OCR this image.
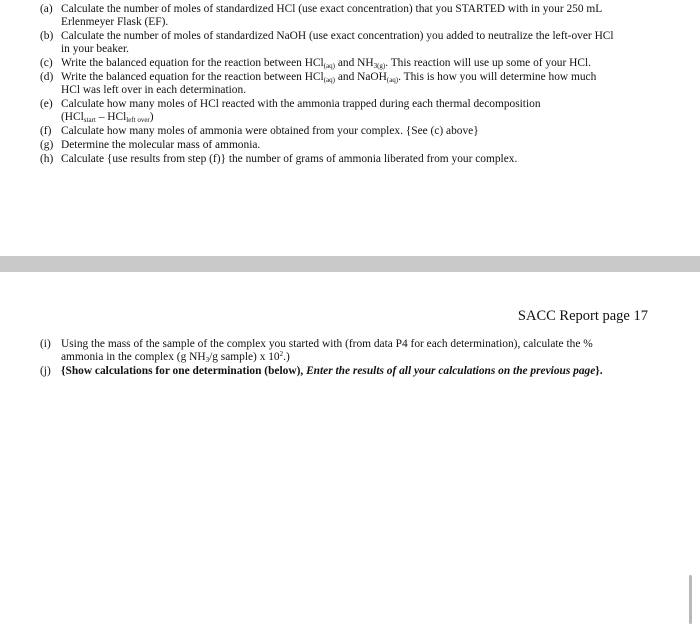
(a) Calculate the number of moles of standardized HCl (use exact concentration) that you STARTED with in your 250 mL
Erlenmeyer Flask (EF).
(b) Calculate the number of moles of standardized NaOH (use exact concentration) you added to neutralize the left-over HCl
in your beaker.
(c) Write the balanced equation for the reaction between HCl$_{(aq)}$ and $NH_{3(g)}$. This reaction will use up some of your HCl.
(d) Write the balanced equation for the reaction between HCl$_{(aq)}$ and NaOH$_{(aq)}$. This is how you will determine how much
HCl was left over in each determination.
(e) Calculate how many moles of HCl reacted with the ammonia trapped during each thermal decomposition
(HCl$_{start}$ – HCl$_{left over}$)
(f) Calculate how many moles of ammonia were obtained from your complex. {See (c) above}
(g) Determine the molecular mass of ammonia.
(h) Calculate {use results from step (f)} the number of grams of ammonia liberated from your complex.
SACC Report page 17
(i) Using the mass of the sample of the complex you started with (from data P4 for each determination), calculate the %
ammonia in the complex (g $NH_3/g$ sample) x $10^2$.)
(j) {Show calculations for one determination (below), Enter the results of all your calculations on the previous page}.
